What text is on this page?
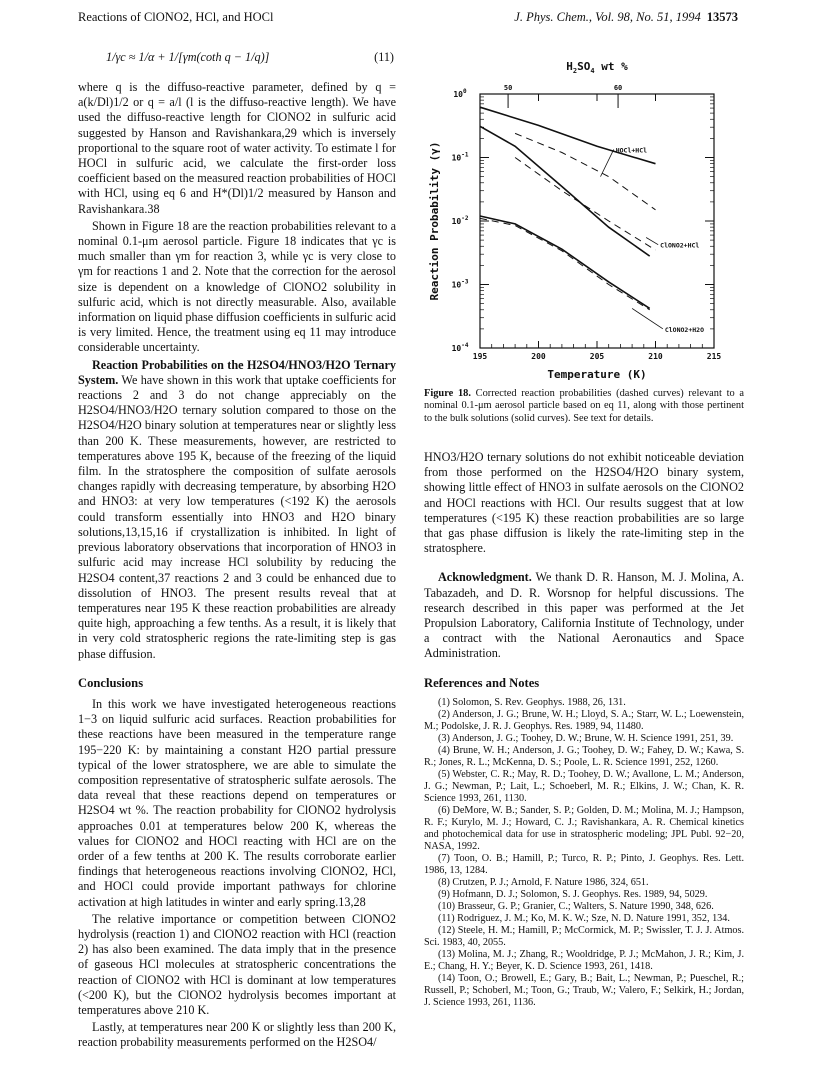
Reactions of ClONO2, HCl, and HOCl	J. Phys. Chem., Vol. 98, No. 51, 1994 13573
1/γc ≈ 1/α + 1/[γm(coth q − 1/q)]	(11)

where q is the diffuso-reactive parameter, defined by q = a(k/Dl)1/2 or q = a/l (l is the diffuso-reactive length). We have used the diffuso-reactive length for ClONO2 in sulfuric acid suggested by Hanson and Ravishankara,29 which is inversely proportional to the square root of water activity. To estimate l for HOCl in sulfuric acid, we calculate the first-order loss coefficient based on the measured reaction probabilities of HOCl with HCl, using eq 6 and H*(Dl)1/2 measured by Hanson and Ravishankara.38

Shown in Figure 18 are the reaction probabilities relevant to a nominal 0.1-μm aerosol particle. Figure 18 indicates that γc is much smaller than γm for reaction 3, while γc is very close to γm for reactions 1 and 2. Note that the correction for the aerosol size is dependent on a knowledge of ClONO2 solubility in sulfuric acid, which is not directly measurable. Also, available information on liquid phase diffusion coefficients in sulfuric acid is very limited. Hence, the treatment using eq 11 may introduce considerable uncertainty.

Reaction Probabilities on the H2SO4/HNO3/H2O Ternary System. We have shown in this work that uptake coefficients for reactions 2 and 3 do not change appreciably on the H2SO4/HNO3/H2O ternary solution compared to those on the H2SO4/H2O binary solution at temperatures near or slightly less than 200 K. These measurements, however, are restricted to temperatures above 195 K, because of the freezing of the liquid film. In the stratosphere the composition of sulfate aerosols changes rapidly with decreasing temperature, by absorbing H2O and HNO3: at very low temperatures (<192 K) the aerosols could transform essentially into HNO3 and H2O binary solutions,13,15,16 if crystallization is inhibited. In light of previous laboratory observations that incorporation of HNO3 in sulfuric acid may increase HCl solubility by reducing the H2SO4 content,37 reactions 2 and 3 could be enhanced due to dissolution of HNO3. The present results reveal that at temperatures near 195 K these reaction probabilities are already quite high, approaching a few tenths. As a result, it is likely that in very cold stratospheric regions the rate-limiting step is gas phase diffusion.

Conclusions

In this work we have investigated heterogeneous reactions 1−3 on liquid sulfuric acid surfaces. Reaction probabilities for these reactions have been measured in the temperature range 195−220 K: by maintaining a constant H2O partial pressure typical of the lower stratosphere, we are able to simulate the composition representative of stratospheric sulfate aerosols. The data reveal that these reactions depend on temperatures or H2SO4 wt %. The reaction probability for ClONO2 hydrolysis approaches 0.01 at temperatures below 200 K, whereas the values for ClONO2 and HOCl reacting with HCl are on the order of a few tenths at 200 K. The results corroborate earlier findings that heterogeneous reactions involving ClONO2, HCl, and HOCl could provide important pathways for chlorine activation at high latitudes in winter and early spring.13,28

The relative importance or competition between ClONO2 hydrolysis (reaction 1) and ClONO2 reaction with HCl (reaction 2) has also been examined. The data imply that in the presence of gaseous HCl molecules at stratospheric concentrations the reaction of ClONO2 with HCl is dominant at low temperatures (<200 K), but the ClONO2 hydrolysis becomes important at temperatures above 210 K.

Lastly, at temperatures near 200 K or slightly less than 200 K, reaction probability measurements performed on the H2SO4/

195	200	205	210	215
$10^0$
$10^{-1}$
$10^{-2}$
$10^{-3}$
$10^{-4}$
50	60
$H_2SO_4$ wt %
Temperature (K)
Reaction Probability (γ)	HOCl+HCl
ClONO2+HCl
ClONO2+H2O
Figure 18. Corrected reaction probabilities (dashed curves) relevant to a nominal 0.1-μm aerosol particle based on eq 11, along with those pertinent to the bulk solutions (solid curves). See text for details.

HNO3/H2O ternary solutions do not exhibit noticeable deviation from those performed on the H2SO4/H2O binary system, showing little effect of HNO3 in sulfate aerosols on the ClONO2 and HOCl reactions with HCl. Our results suggest that at low temperatures (<195 K) these reaction probabilities are so large that gas phase diffusion is likely the rate-limiting step in the stratosphere.

Acknowledgment. We thank D. R. Hanson, M. J. Molina, A. Tabazadeh, and D. R. Worsnop for helpful discussions. The research described in this paper was performed at the Jet Propulsion Laboratory, California Institute of Technology, under a contract with the National Aeronautics and Space Administration.

References and Notes
(1) Solomon, S. Rev. Geophys. 1988, 26, 131.
(2) Anderson, J. G.; Brune, W. H.; Lloyd, S. A.; Starr, W. L.; Loewenstein, M.; Podolske, J. R. J. Geophys. Res. 1989, 94, 11480.
(3) Anderson, J. G.; Toohey, D. W.; Brune, W. H. Science 1991, 251, 39.
(4) Brune, W. H.; Anderson, J. G.; Toohey, D. W.; Fahey, D. W.; Kawa, S. R.; Jones, R. L.; McKenna, D. S.; Poole, L. R. Science 1991, 252, 1260.
(5) Webster, C. R.; May, R. D.; Toohey, D. W.; Avallone, L. M.; Anderson, J. G.; Newman, P.; Lait, L.; Schoeberl, M. R.; Elkins, J. W.; Chan, K. R. Science 1993, 261, 1130.
(6) DeMore, W. B.; Sander, S. P.; Golden, D. M.; Molina, M. J.; Hampson, R. F.; Kurylo, M. J.; Howard, C. J.; Ravishankara, A. R. Chemical kinetics and photochemical data for use in stratospheric modeling; JPL Publ. 92−20, NASA, 1992.
(7) Toon, O. B.; Hamill, P.; Turco, R. P.; Pinto, J. Geophys. Res. Lett. 1986, 13, 1284.
(8) Crutzen, P. J.; Arnold, F. Nature 1986, 324, 651.
(9) Hofmann, D. J.; Solomon, S. J. Geophys. Res. 1989, 94, 5029.
(10) Brasseur, G. P.; Granier, C.; Walters, S. Nature 1990, 348, 626.
(11) Rodriguez, J. M.; Ko, M. K. W.; Sze, N. D. Nature 1991, 352, 134.
(12) Steele, H. M.; Hamill, P.; McCormick, M. P.; Swissler, T. J. J. Atmos. Sci. 1983, 40, 2055.
(13) Molina, M. J.; Zhang, R.; Wooldridge, P. J.; McMahon, J. R.; Kim, J. E.; Chang, H. Y.; Beyer, K. D. Science 1993, 261, 1418.
(14) Toon, O.; Browell, E.; Gary, B.; Bait, L.; Newman, P.; Pueschel, R.; Russell, P.; Schoberl, M.; Toon, G.; Traub, W.; Valero, F.; Selkirk, H.; Jordan, J. Science 1993, 261, 1136.
